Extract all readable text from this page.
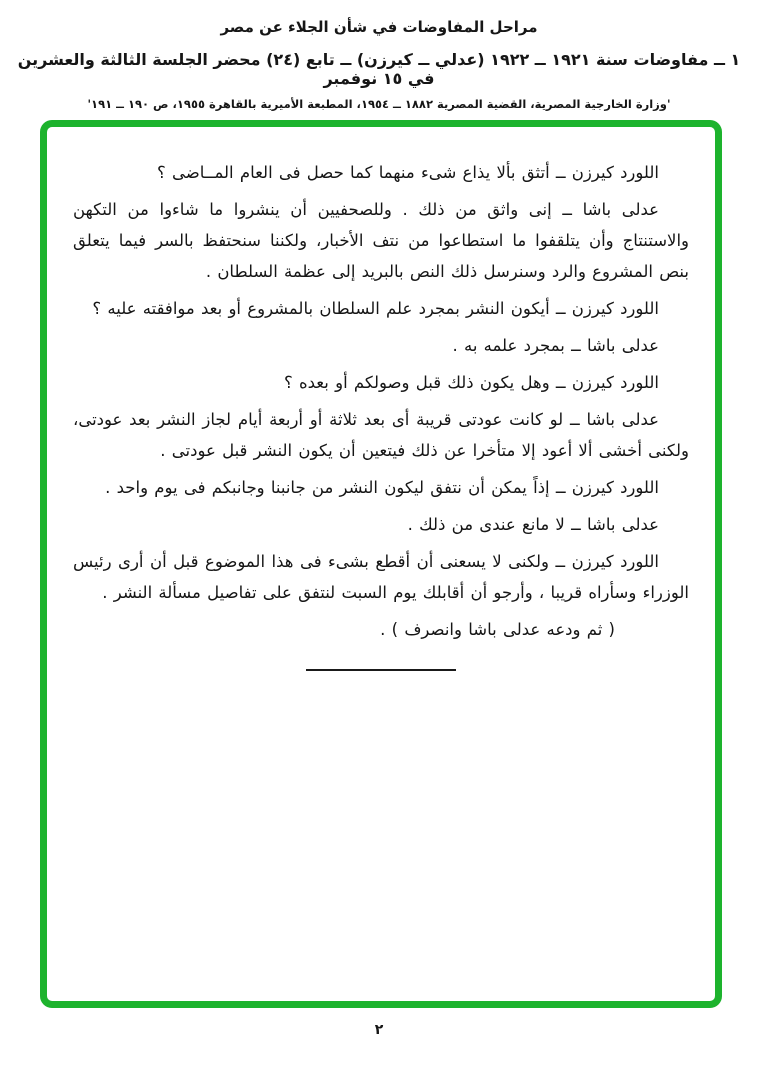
مراحل المفاوضات في شأن الجلاء عن مصر

١ ــ مفاوضات سنة ١٩٢١ ــ ١٩٢٢ (عدلي ــ كيرزن) ــ تابع (٢٤) محضر الجلسة الثالثة والعشرين في ١٥ نوفمبر

'وزارة الخارجية المصرية، القضية المصرية ١٨٨٢ ــ ١٩٥٤، المطبعة الأميرية بالقاهرة ١٩٥٥، ص ١٩٠ ــ ١٩١'

اللورد كيرزن ــ أتثق بألا يذاع شىء منهما كما حصل فى العام المــاضى ؟

عدلى باشا ــ إنى واثق من ذلك . وللصحفيين أن ينشروا ما شاءوا من التكهن والاستنتاج وأن يتلقفوا ما استطاعوا من نتف الأخبار، ولكننا سنحتفظ بالسر فيما يتعلق بنص المشروع والرد وسنرسل ذلك النص بالبريد إلى عظمة السلطان .

اللورد كيرزن ــ أيكون النشر بمجرد علم السلطان بالمشروع أو بعد موافقته عليه ؟

عدلى باشا ــ بمجرد علمه به .

اللورد كيرزن ــ وهل يكون ذلك قبل وصولكم أو بعده ؟

عدلى باشا ــ لو كانت عودتى قريبة أى بعد ثلاثة أو أربعة أيام لجاز النشر بعد عودتى، ولكنى أخشى ألا أعود إلا متأخرا عن ذلك فيتعين أن يكون النشر قبل عودتى .

اللورد كيرزن ــ إذاً يمكن أن نتفق ليكون النشر من جانبنا وجانبكم فى يوم واحد .

عدلى باشا ــ لا مانع عندى من ذلك .

اللورد كيرزن ــ ولكنى لا يسعنى أن أقطع بشىء فى هذا الموضوع قبل أن أرى رئيس الوزراء وسأراه قريبا ، وأرجو أن أقابلك يوم السبت لنتفق على تفاصيل مسألة النشر .

( ثم ودعه عدلى باشا وانصرف ) .

٢
